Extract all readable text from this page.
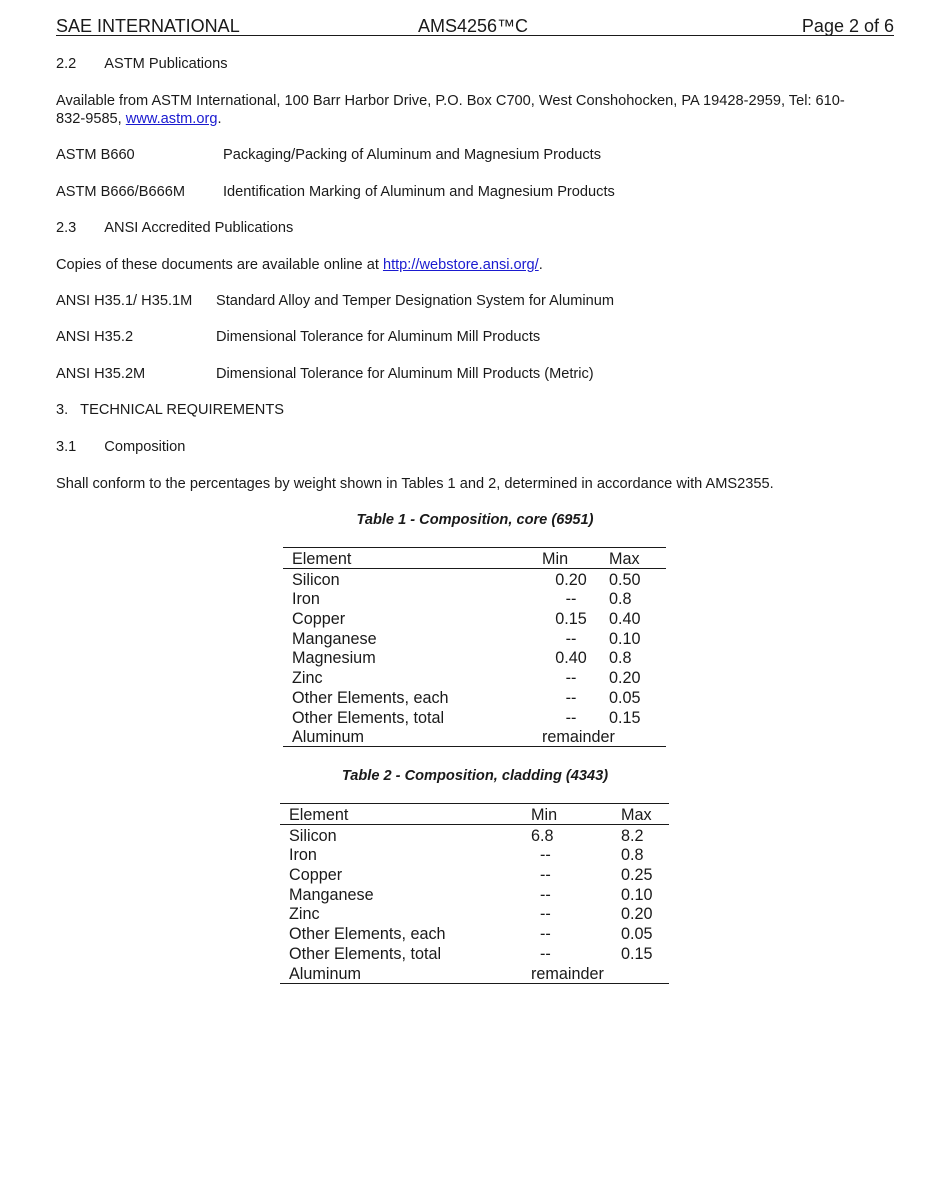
SAE INTERNATIONAL	AMS4256™C	Page 2 of 6
2.2 ASTM Publications
Available from ASTM International, 100 Barr Harbor Drive, P.O. Box C700, West Conshohocken, PA 19428-2959, Tel: 610-
832-9585, www.astm.org.
ASTM B660	Packaging/Packing of Aluminum and Magnesium Products
ASTM B666/B666M	Identification Marking of Aluminum and Magnesium Products
2.3 ANSI Accredited Publications
Copies of these documents are available online at http://webstore.ansi.org/.
ANSI H35.1/ H35.1M Standard Alloy and Temper Designation System for Aluminum
ANSI H35.2	Dimensional Tolerance for Aluminum Mill Products
ANSI H35.2M	Dimensional Tolerance for Aluminum Mill Products (Metric)
3. TECHNICAL REQUIREMENTS
3.1 Composition
Shall conform to the percentages by weight shown in Tables 1 and 2, determined in accordance with AMS2355.
Table 1 - Composition, core (6951)
Element	Min	Max
Silicon	0.20	0.50
Iron	--	0.8
Copper	0.15	0.40
Manganese	--	0.10
Magnesium	0.40	0.8
Zinc	--	0.20
Other Elements, each	--	0.05
Other Elements, total	--	0.15
Aluminum	remainder	
Table 2 - Composition, cladding (4343)
Element	Min	Max
Silicon	6.8	8.2
Iron	--	0.8
Copper	--	0.25
Manganese	--	0.10
Zinc	--	0.20
Other Elements, each	--	0.05
Other Elements, total	--	0.15
Aluminum	remainder	
